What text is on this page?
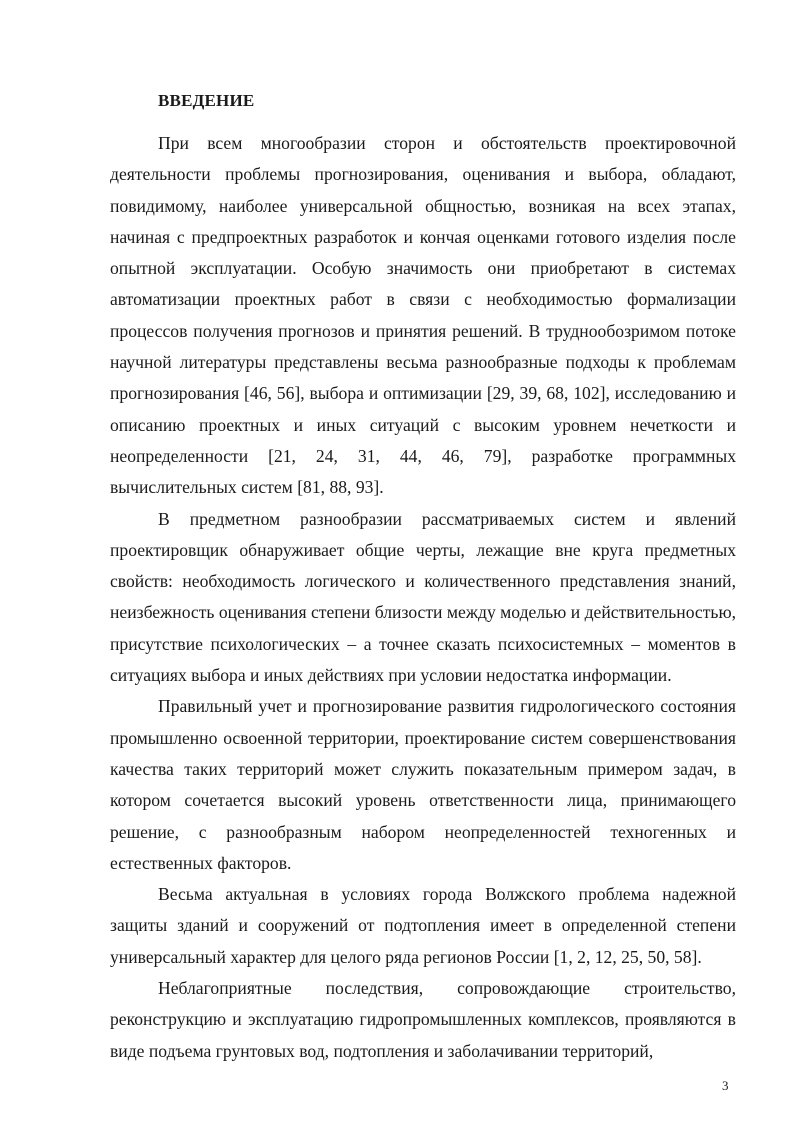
ВВЕДЕНИЕ

При всем многообразии сторон и обстоятельств проектировочной деятельности проблемы прогнозирования, оценивания и выбора, обладают, повидимому, наиболее универсальной общностью, возникая на всех этапах, начиная с предпроектных разработок и кончая оценками готового изделия после опытной эксплуатации. Особую значимость они приобретают в системах автоматизации проектных работ в связи с необходимостью формализации процессов получения прогнозов и принятия решений. В труднообозримом потоке научной литературы представлены весьма разнообразные подходы к проблемам прогнозирования [46, 56], выбора и оптимизации [29, 39, 68, 102], исследованию и описанию проектных и иных ситуаций с высоким уровнем нечеткости и неопределенности [21, 24, 31, 44, 46, 79], разработке программных вычислительных систем [81, 88, 93].

В предметном разнообразии рассматриваемых систем и явлений проектировщик обнаруживает общие черты, лежащие вне круга предметных свойств: необходимость логического и количественного представления знаний, неизбежность оценивания степени близости между моделью и действительностью, присутствие психологических – а точнее сказать психосистемных – моментов в ситуациях выбора и иных действиях при условии недостатка информации.

Правильный учет и прогнозирование развития гидрологического состояния промышленно освоенной территории, проектирование систем совершенствования качества таких территорий может служить показательным примером задач, в котором сочетается высокий уровень ответственности лица, принимающего решение, с разнообразным набором неопределенностей техногенных и естественных факторов.

Весьма актуальная в условиях города Волжского проблема надежной защиты зданий и сооружений от подтопления имеет в определенной степени универсальный характер для целого ряда регионов России [1, 2, 12, 25, 50, 58].

Неблагоприятные последствия, сопровождающие строительство, реконструкцию и эксплуатацию гидропромышленных комплексов, проявляются в виде подъема грунтовых вод, подтопления и заболачивании территорий,

3
